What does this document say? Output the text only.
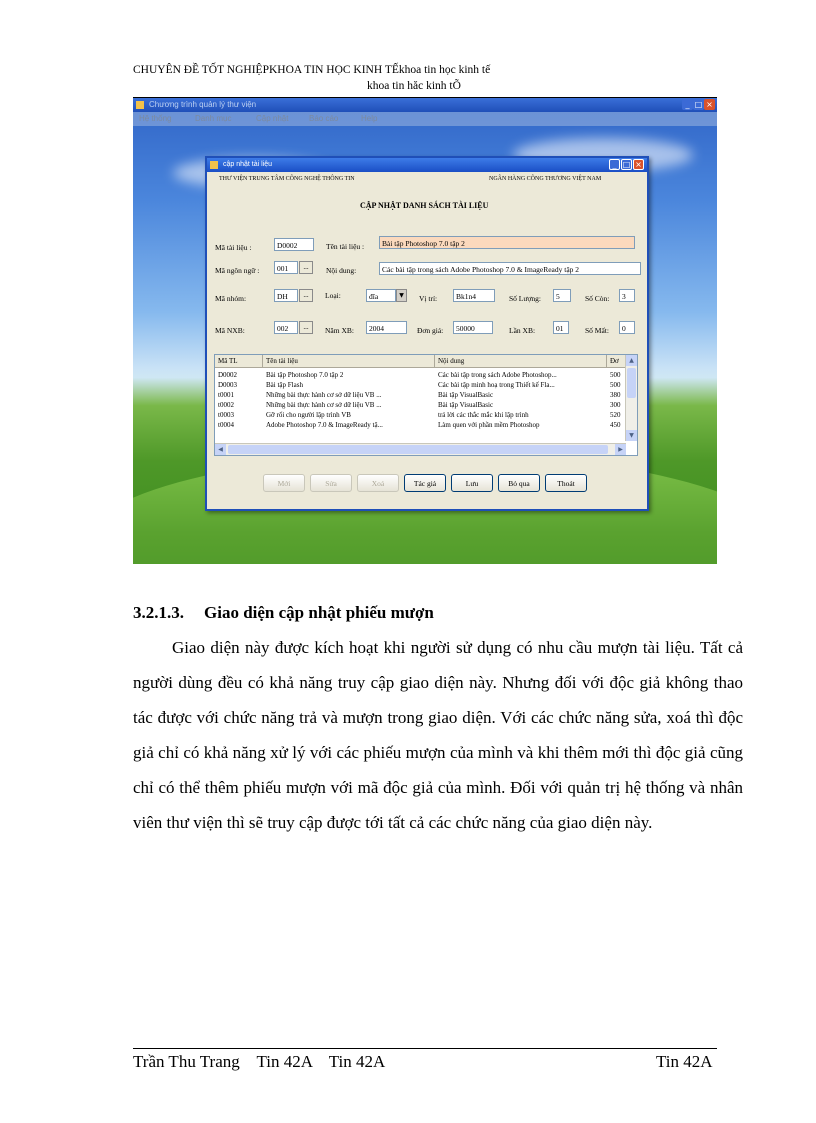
CHUYÊN ĐỀ TỐT NGHIỆPKHOA TIN HỌC KINH TẾkhoa tin học kinh tế
khoa tin hăc kinh tÕ
Chương trình quản lý thư viện	_ □ ×
Hệ thống	Danh mục	Cập nhật	Báo cáo	Help
cập nhật tài liệu	_ □ ×
THƯ VIỆN TRUNG TÂM CÔNG NGHỆ THÔNG TIN	NGÂN HÀNG CÔNG THƯƠNG VIỆT NAM
CẬP NHẬT DANH SÁCH TÀI LIỆU
Mã tài liệu :	D0002	Tên tài liệu :	Bài tập Photoshop 7.0 tập 2
Mã ngôn ngữ :	001	...	Nội dung:	Các bài tập trong sách Adobe Photoshop 7.0 & ImageReady tập 2
Mã nhóm:	DH	...	Loại:	đĩa	▼	Vị trí:	Bk1n4	Số Lượng:	5	Số Còn:	3
Mã NXB:	002	...	Năm XB:	2004	Đơn giá:	50000	Lần XB:	01	Số Mất:	0
Mã TL	Tên tài liệu	Nội dung	Đơ
D0002	Bài tập Photoshop 7.0 tập 2	Các bài tập trong sách Adobe Photoshop...	500
D0003	Bài tập Flash	Các bài tập minh hoạ trong Thiết kế Fla...	500
t0001	Những bài thực hành cơ sở dữ liệu VB ...	Bài tập VisualBasic	380
t0002	Những bài thực hành cơ sở dữ liệu VB ...	Bài tập VisualBasic	300
t0003	Gỡ rối cho người lập trình VB	trả lời các thắc mắc khi lập trình	520
t0004	Adobe Photoshop 7.0 & ImageReady tậ...	Làm quen với phần mềm Photoshop	450
▲
▼
◀	▶
Mới	Sửa	Xoá	Tác giả	Lưu	Bỏ qua	Thoát
3.2.1.3. Giao diện cập nhật phiếu mượn
Giao diện này được kích hoạt khi người sử dụng có nhu cầu mượn tài liệu. Tất cả người dùng đều có khả năng truy cập giao diện này. Nhưng đối với độc giả không thao tác được với chức năng trả và mượn trong giao diện. Với các chức năng sửa, xoá thì độc giả chỉ có khả năng xử lý với các phiếu mượn của mình và khi thêm mới thì độc giả cũng chỉ có thể thêm phiếu mượn với mã độc giả của mình. Đối với quản trị hệ thống và nhân viên thư viện thì sẽ truy cập được tới tất cả các chức năng của giao diện này.
Trần Thu Trang    Tin 42A    Tin 42A	Tin 42A
